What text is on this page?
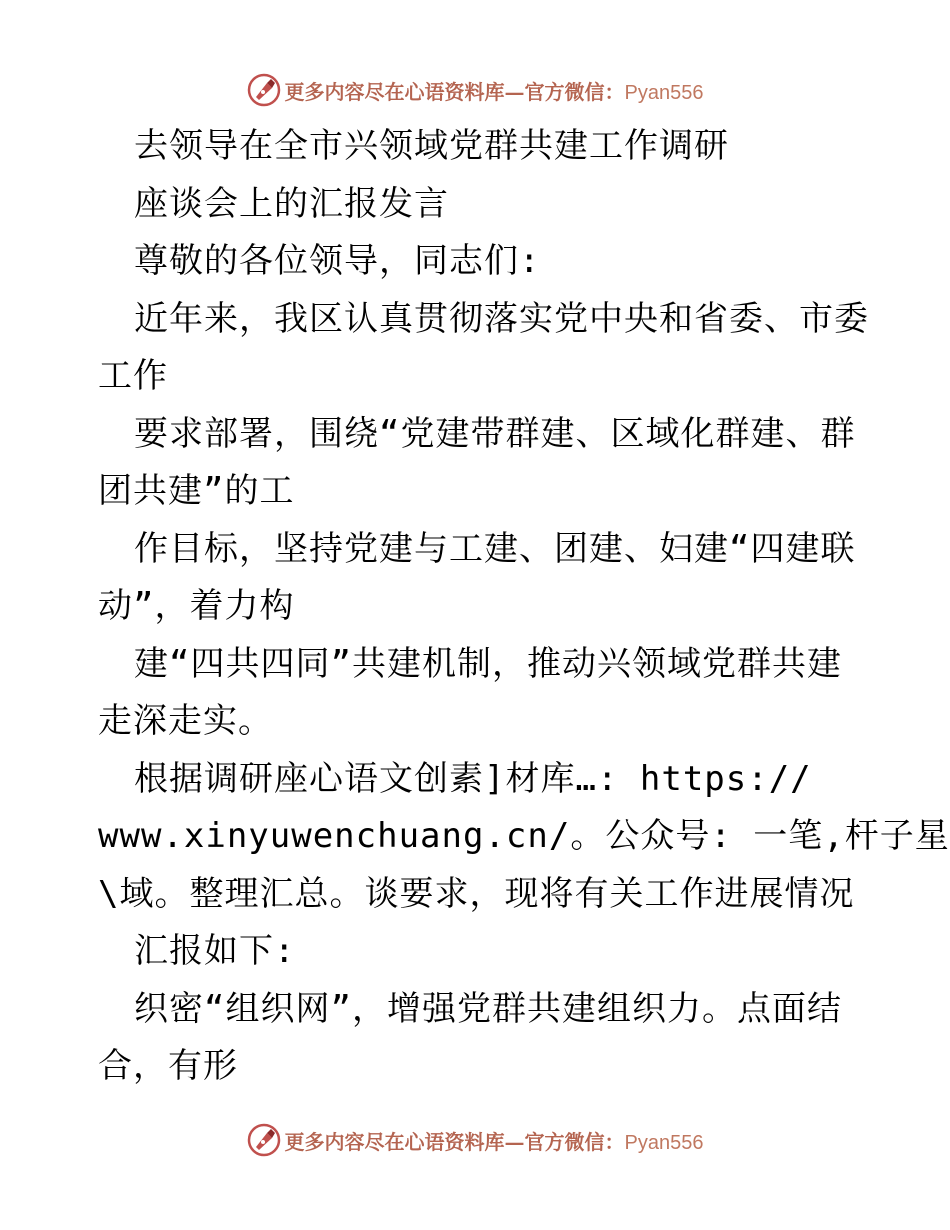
更多内容尽在心语资料库—官方微信：Pyan556
去领导在全市兴领域党群共建工作调研
座谈会上的汇报发言
尊敬的各位领导，同志们:
近年来，我区认真贯彻落实党中央和省委、市委
工作
要求部署，围绕“党建带群建、区域化群建、群
团共建”的工
作目标，坚持党建与工建、团建、妇建“四建联
动”，着力构
建“四共四同”共建机制，推动兴领域党群共建
走深走实。
根据调研座心语文创素]材库…: https://
www.xinyuwenchuang.cn/。公众号: 一笔,杆子星
\域。整理汇总。谈要求，现将有关工作进展情况
汇报如下:
织密“组织网”，增强党群共建组织力。点面结
合，有形
更多内容尽在心语资料库—官方微信：Pyan556
